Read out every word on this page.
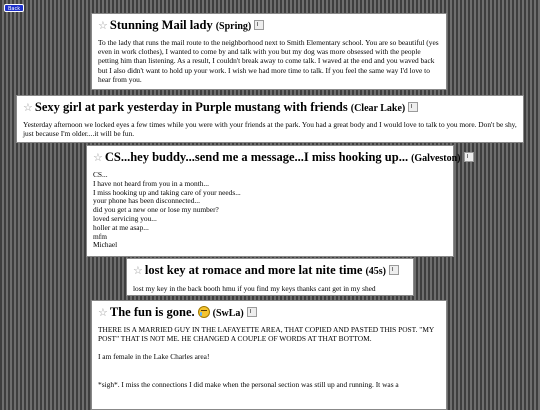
Back
☆ Stunning Mail lady (Spring)
To the lady that runs the mail route to the neighborhood next to Smith Elementary school. You are so beautiful (yes even in work clothes), I wanted to come by and talk with you but my dog was more obsessed with the people petting him than listening. As a result, I couldn't break away to come talk. I waved at the end and you waved back but I also didn't want to hold up your work. I wish we had more time to talk. If you feel the same way I'd love to hear from you.
☆ Sexy girl at park yesterday in Purple mustang with friends (Clear Lake)
Yesterday afternoon we locked eyes a few times while you were with your friends at the park. You had a great body and I would love to talk to you more. Don't be shy, just because I'm older....it will be fun.
☆ CS...hey buddy...send me a message...I miss hooking up... (Galveston)
CS...
I have not heard from you in a month...
I miss hooking up and taking care of your needs...
your phone has been disconnected...
did you get a new one or lose my number?
loved servicing you...
holler at me asap...
mfm
Michael
☆ lost key at romace and more lat nite time (45s)
lost my key in the back booth hmu if you find my keys thanks cant get in my shed
☆ The fun is gone. (SwLa)

THERE IS A MARRIED GUY IN THE LAFAYETTE AREA, THAT COPIED AND PASTED THIS POST. "MY POST" THAT IS NOT ME. HE CHANGED A COUPLE OF WORDS AT THAT BOTTOM.

I am female in the Lake Charles area!

*sigh*. I miss the connections I did make when the personal section was still up and running. It was a
